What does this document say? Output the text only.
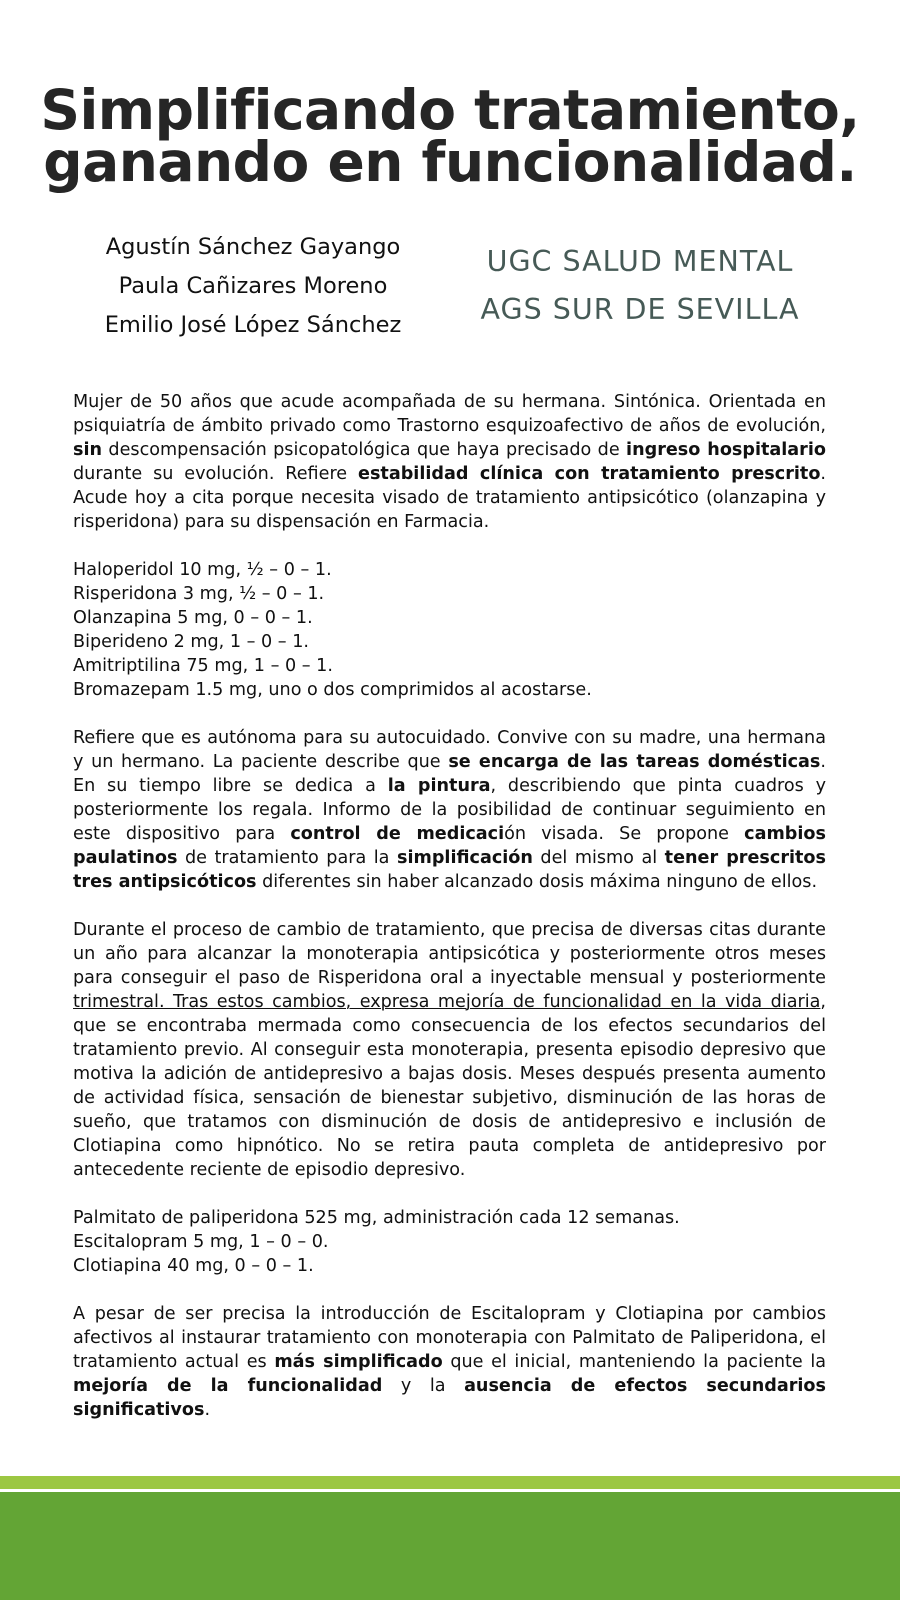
Simplificando tratamiento,
ganando en funcionalidad.
Agustín Sánchez Gayango
Paula Cañizares Moreno
Emilio José López Sánchez
UGC SALUD MENTAL
AGS SUR DE SEVILLA

Mujer de 50 años que acude acompañada de su hermana. Sintónica. Orientada en psiquiatría de ámbito privado como Trastorno esquizoafectivo de años de evolución, sin descompensación psicopatológica que haya precisado de ingreso hospitalario durante su evolución. Refiere estabilidad clínica con tratamiento prescrito. Acude hoy a cita porque necesita visado de tratamiento antipsicótico (olanzapina y risperidona) para su dispensación en Farmacia.

Haloperidol 10 mg, ½ – 0 – 1.
Risperidona 3 mg, ½ – 0 – 1.
Olanzapina 5 mg, 0 – 0 – 1.
Biperideno 2 mg, 1 – 0 – 1.
Amitriptilina 75 mg, 1 – 0 – 1.
Bromazepam 1.5 mg, uno o dos comprimidos al acostarse.

Refiere que es autónoma para su autocuidado. Convive con su madre, una hermana y un hermano. La paciente describe que se encarga de las tareas domésticas. En su tiempo libre se dedica a la pintura, describiendo que pinta cuadros y posteriormente los regala. Informo de la posibilidad de continuar seguimiento en este dispositivo para control de medicación visada. Se propone cambios paulatinos de tratamiento para la simplificación del mismo al tener prescritos tres antipsicóticos diferentes sin haber alcanzado dosis máxima ninguno de ellos.

Durante el proceso de cambio de tratamiento, que precisa de diversas citas durante un año para alcanzar la monoterapia antipsicótica y posteriormente otros meses para conseguir el paso de Risperidona oral a inyectable mensual y posteriormente trimestral. Tras estos cambios, expresa mejoría de funcionalidad en la vida diaria, que se encontraba mermada como consecuencia de los efectos secundarios del tratamiento previo. Al conseguir esta monoterapia, presenta episodio depresivo que motiva la adición de antidepresivo a bajas dosis. Meses después presenta aumento de actividad física, sensación de bienestar subjetivo, disminución de las horas de sueño, que tratamos con disminución de dosis de antidepresivo e inclusión de Clotiapina como hipnótico. No se retira pauta completa de antidepresivo por antecedente reciente de episodio depresivo.

Palmitato de paliperidona 525 mg, administración cada 12 semanas.
Escitalopram 5 mg, 1 – 0 – 0.
Clotiapina 40 mg, 0 – 0 – 1.

A pesar de ser precisa la introducción de Escitalopram y Clotiapina por cambios afectivos al instaurar tratamiento con monoterapia con Palmitato de Paliperidona, el tratamiento actual es más simplificado que el inicial, manteniendo la paciente la mejoría de la funcionalidad y la ausencia de efectos secundarios significativos.
